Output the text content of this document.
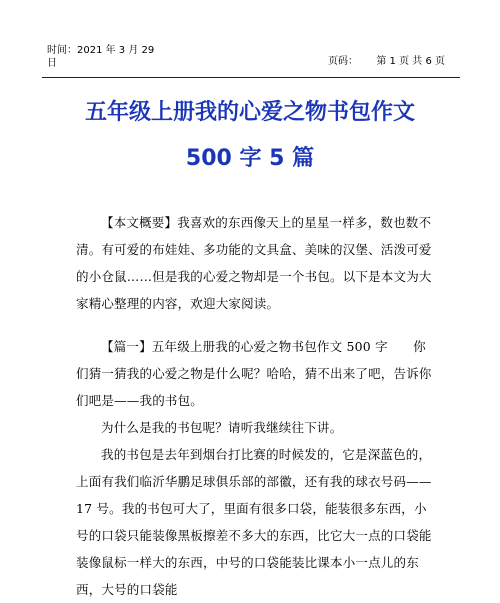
时间：2021 年 3 月 29
日	页码： 第 1 页 共 6 页
五年级上册我的心爱之物书包作文
500 字 5 篇

【本文概要】我喜欢的东西像天上的星星一样多，数也数不清。有可爱的布娃娃、多功能的文具盒、美味的汉堡、活泼可爱的小仓鼠……但是我的心爱之物却是一个书包。以下是本文为大家精心整理的内容，欢迎大家阅读。

【篇一】五年级上册我的心爱之物书包作文 500 字　　你们猜一猜我的心爱之物是什么呢？哈哈，猜不出来了吧，告诉你们吧是——我的书包。

为什么是我的书包呢？请听我继续往下讲。

我的书包是去年到烟台打比赛的时候发的，它是深蓝色的，上面有我们临沂华鹏足球俱乐部的部徽，还有我的球衣号码——17 号。我的书包可大了，里面有很多口袋，能装很多东西，小号的口袋只能装像黑板擦差不多大的东西，比它大一点的口袋能装像鼠标一样大的东西，中号的口袋能装比课本小一点儿的东西，大号的口袋能
